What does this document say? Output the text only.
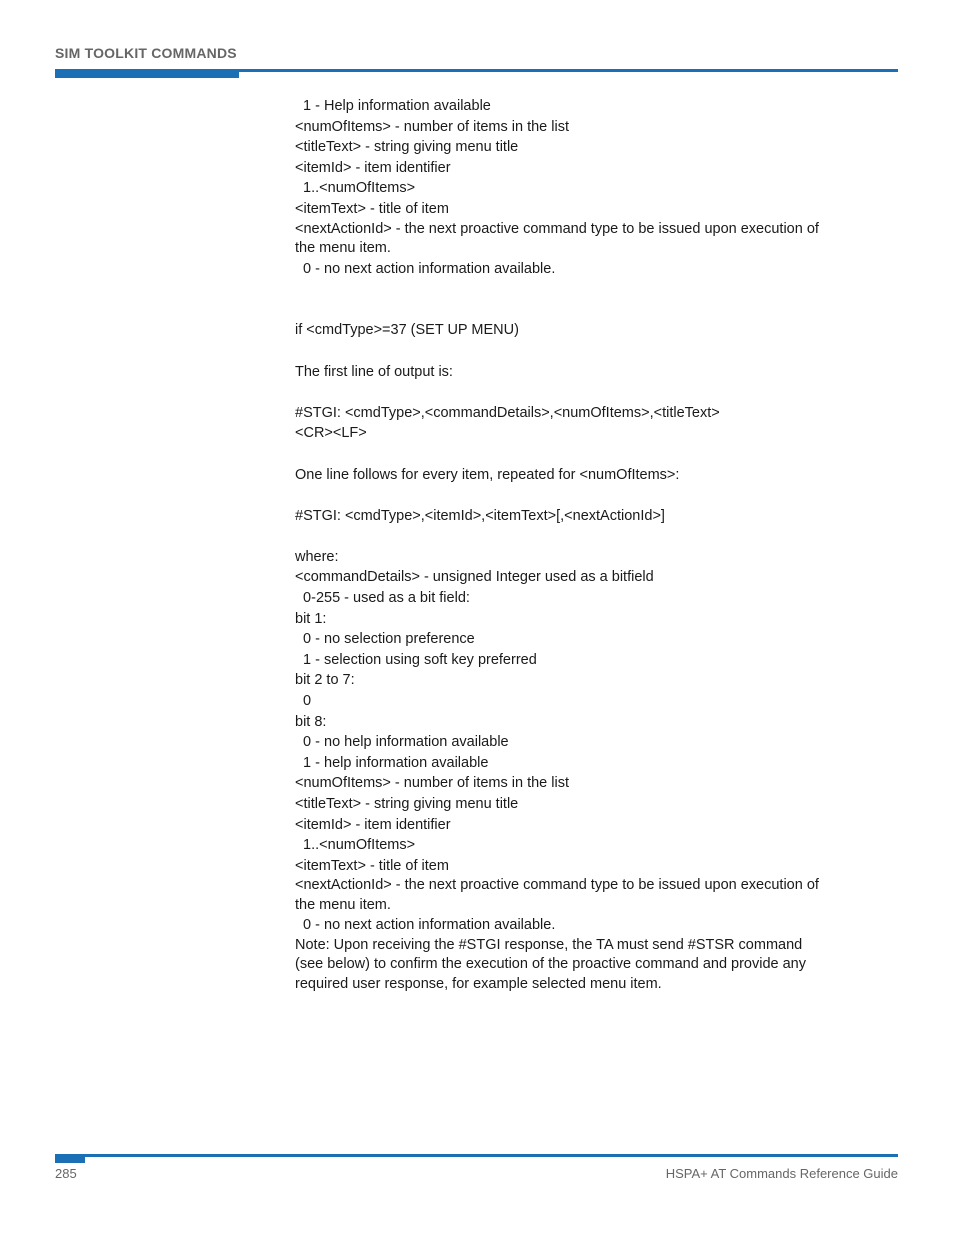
SIM TOOLKIT COMMANDS

1 - Help information available

<numOfItems> - number of items in the list

<titleText> - string giving menu title

<itemId> - item identifier

1..<numOfItems>

<itemText> - title of item

<nextActionId> - the next proactive command type to be issued upon execution of the menu item.

0 - no next action information available.

if <cmdType>=37 (SET UP MENU)

The first line of output is:

#STGI: <cmdType>,<commandDetails>,<numOfItems>,<titleText>

<CR><LF>

One line follows for every item, repeated for <numOfItems>:

#STGI: <cmdType>,<itemId>,<itemText>[,<nextActionId>]

where:

<commandDetails> - unsigned Integer used as a bitfield

0-255 - used as a bit field:

bit 1:

0 - no selection preference

1 - selection using soft key preferred

bit 2 to 7:

0

bit 8:

0 - no help information available

1 - help information available

<numOfItems> - number of items in the list

<titleText> - string giving menu title

<itemId> - item identifier

1..<numOfItems>

<itemText> - title of item

<nextActionId> - the next proactive command type to be issued upon execution of the menu item.

0 - no next action information available.

Note: Upon receiving the #STGI response, the TA must send #STSR command (see below) to confirm the execution of the proactive command and provide any required user response, for example selected menu item.

285	HSPA+ AT Commands Reference Guide
